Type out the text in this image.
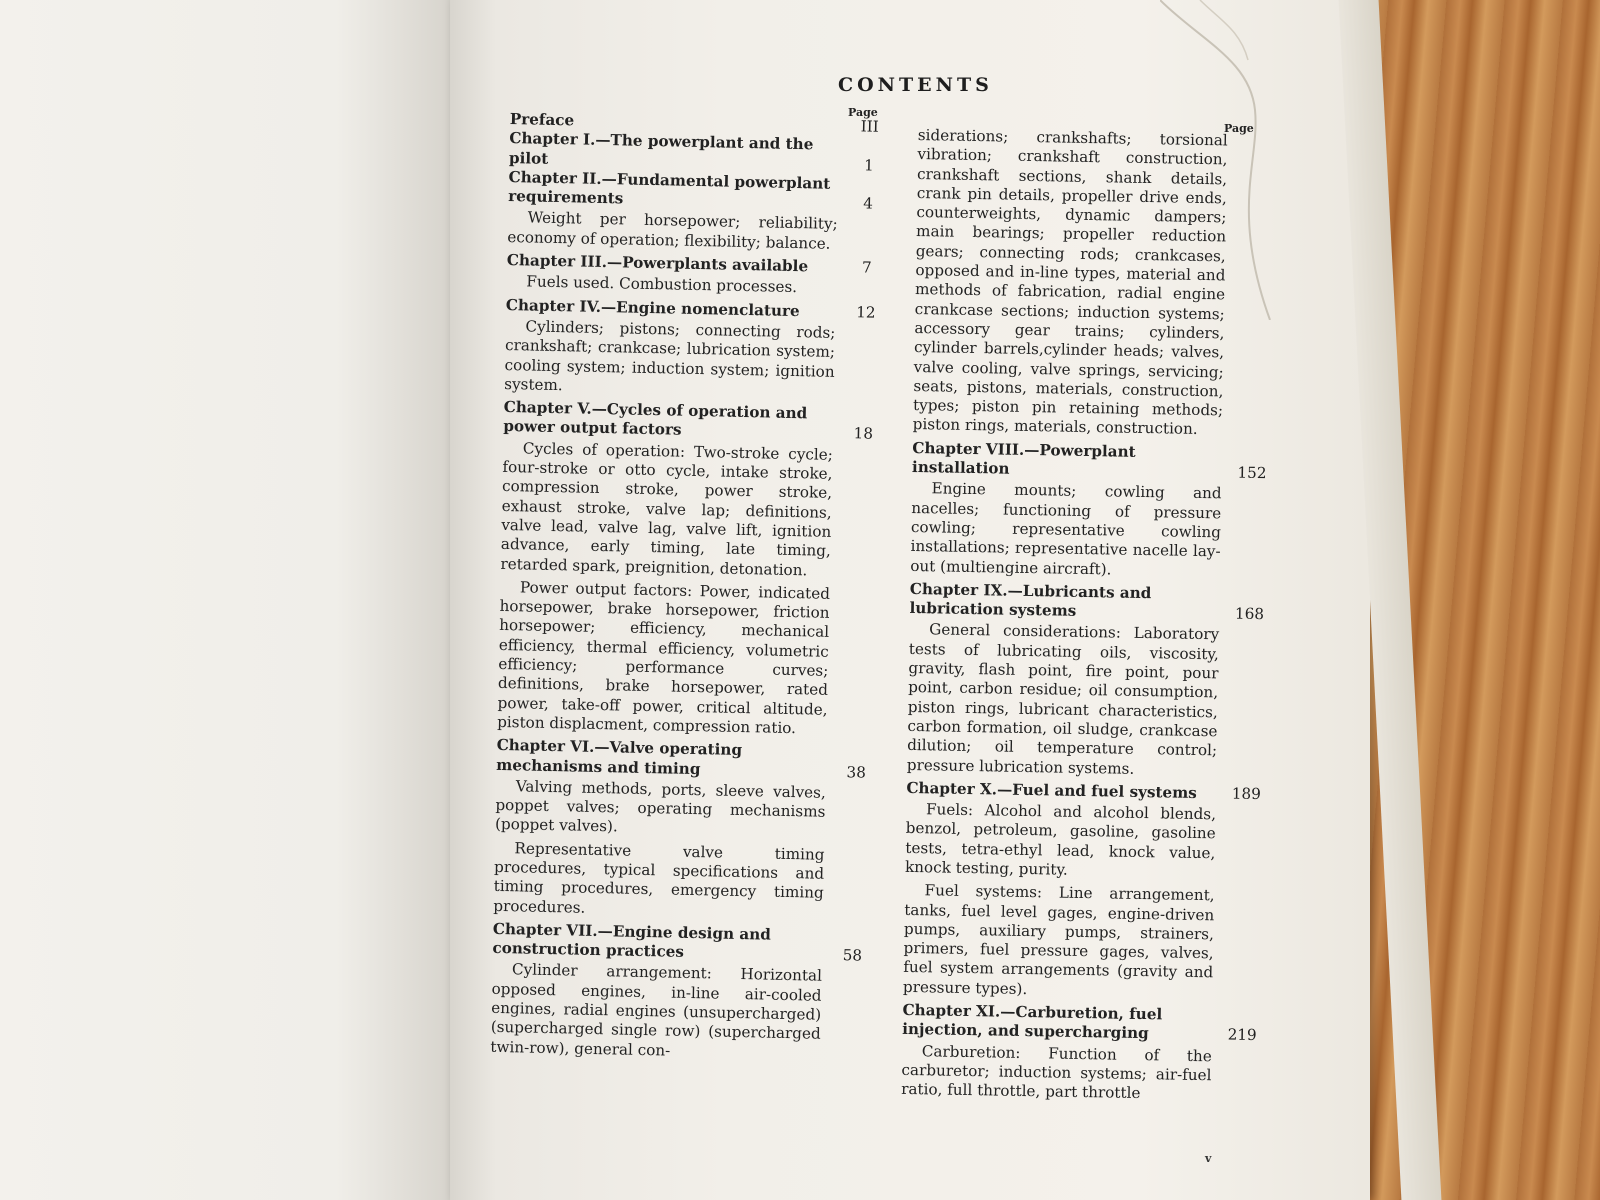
CONTENTS
Page
Page
Preface	III
Chapter I.—The powerplant and the pilot	1
Chapter II.—Fundamental powerplant requirements	4
Weight per horsepower; reliability; economy of operation; flexibility; balance.
Chapter III.—Powerplants available	7
Fuels used. Combustion processes.
Chapter IV.—Engine nomenclature	12
Cylinders; pistons; connecting rods; crankshaft; crankcase; lubrication system; cooling system; induction system; ignition system.
Chapter V.—Cycles of operation and power output factors	18
Cycles of operation: Two-stroke cycle; four-stroke or otto cycle, intake stroke, compression stroke, power stroke, exhaust stroke, valve lap; definitions, valve lead, valve lag, valve lift, ignition advance, early timing, late timing, retarded spark, preignition, detonation.
Power output factors: Power, indicated horsepower, brake horsepower, friction horsepower; efficiency, mechanical efficiency, thermal efficiency, volumetric efficiency; performance curves; definitions, brake horsepower, rated power, take-off power, critical altitude, piston displacment, compression ratio.
Chapter VI.—Valve operating mechanisms and timing	38
Valving methods, ports, sleeve valves, poppet valves; operating mechanisms (poppet valves).
Representative valve timing procedures, typical specifications and timing procedures, emergency timing procedures.
Chapter VII.—Engine design and construction practices	58
Cylinder arrangement: Horizontal opposed engines, in-line air-cooled engines, radial engines (unsupercharged) (supercharged single row) (supercharged twin-row), general con-
siderations; crankshafts; torsional vibration; crankshaft construction, crankshaft sections, shank details, crank pin details, propeller drive ends, counterweights, dynamic dampers; main bearings; propeller reduction gears; connecting rods; crankcases, opposed and in-line types, material and methods of fabrication, radial engine crankcase sections; induction systems; accessory gear trains; cylinders, cylinder barrels,cylinder heads; valves, valve cooling, valve springs, servicing; seats, pistons, materials, construction, types; piston pin retaining methods; piston rings, materials, construction.
Chapter VIII.—Powerplant installation	152
Engine mounts; cowling and nacelles; functioning of pressure cowling; representative cowling installations; representative nacelle lay-out (multiengine aircraft).
Chapter IX.—Lubricants and lubrication systems	168
General considerations: Laboratory tests of lubricating oils, viscosity, gravity, flash point, fire point, pour point, carbon residue; oil consumption, piston rings, lubricant characteristics, carbon formation, oil sludge, crankcase dilution; oil temperature control; pressure lubrication systems.
Chapter X.—Fuel and fuel systems	189
Fuels: Alcohol and alcohol blends, benzol, petroleum, gasoline, gasoline tests, tetra-ethyl lead, knock value, knock testing, purity.
Fuel systems: Line arrangement, tanks, fuel level gages, engine-driven pumps, auxiliary pumps, strainers, primers, fuel pressure gages, valves, fuel system arrangements (gravity and pressure types).
Chapter XI.—Carburetion, fuel injection, and supercharging	219
Carburetion: Function of the carburetor; induction systems; air-fuel ratio, full throttle, part throttle
v
